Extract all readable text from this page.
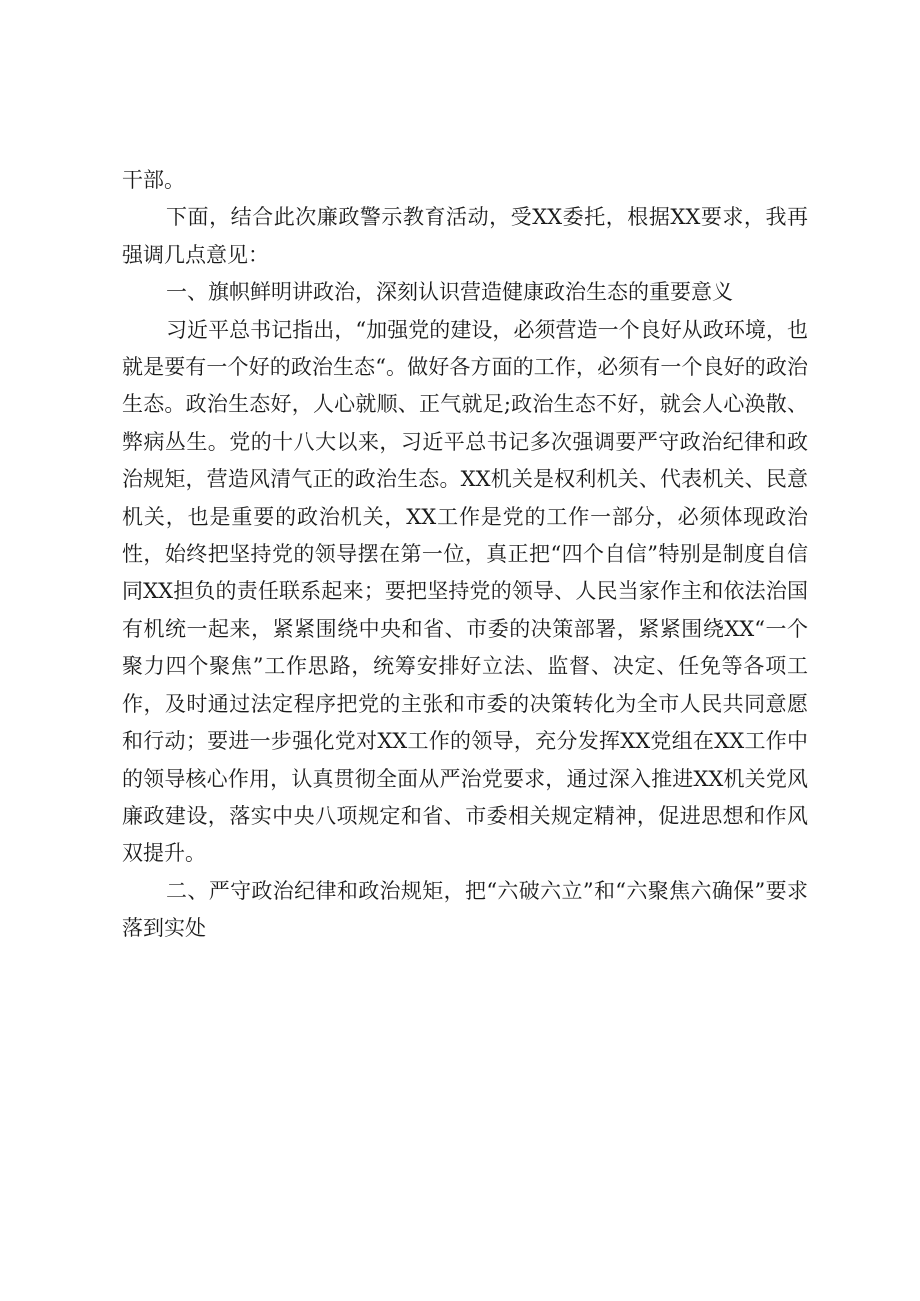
干部。

下面，结合此次廉政警示教育活动，受XX委托，根据XX要求，我再强调几点意见：

一、旗帜鲜明讲政治，深刻认识营造健康政治生态的重要意义

习近平总书记指出，“加强党的建设，必须营造一个良好从政环境，也就是要有一个好的政治生态“。做好各方面的工作，必须有一个良好的政治生态。政治生态好，人心就顺、正气就足;政治生态不好，就会人心涣散、弊病丛生。党的十八大以来，习近平总书记多次强调要严守政治纪律和政治规矩，营造风清气正的政治生态。XX机关是权利机关、代表机关、民意机关，也是重要的政治机关，XX工作是党的工作一部分，必须体现政治性，始终把坚持党的领导摆在第一位，真正把“四个自信”特别是制度自信同XX担负的责任联系起来；要把坚持党的领导、人民当家作主和依法治国有机统一起来，紧紧围绕中央和省、市委的决策部署，紧紧围绕XX“一个聚力四个聚焦”工作思路，统筹安排好立法、监督、决定、任免等各项工作，及时通过法定程序把党的主张和市委的决策转化为全市人民共同意愿和行动；要进一步强化党对XX工作的领导，充分发挥XX党组在XX工作中的领导核心作用，认真贯彻全面从严治党要求，通过深入推进XX机关党风廉政建设，落实中央八项规定和省、市委相关规定精神，促进思想和作风双提升。

二、严守政治纪律和政治规矩，把“六破六立”和“六聚焦六确保”要求落到实处
